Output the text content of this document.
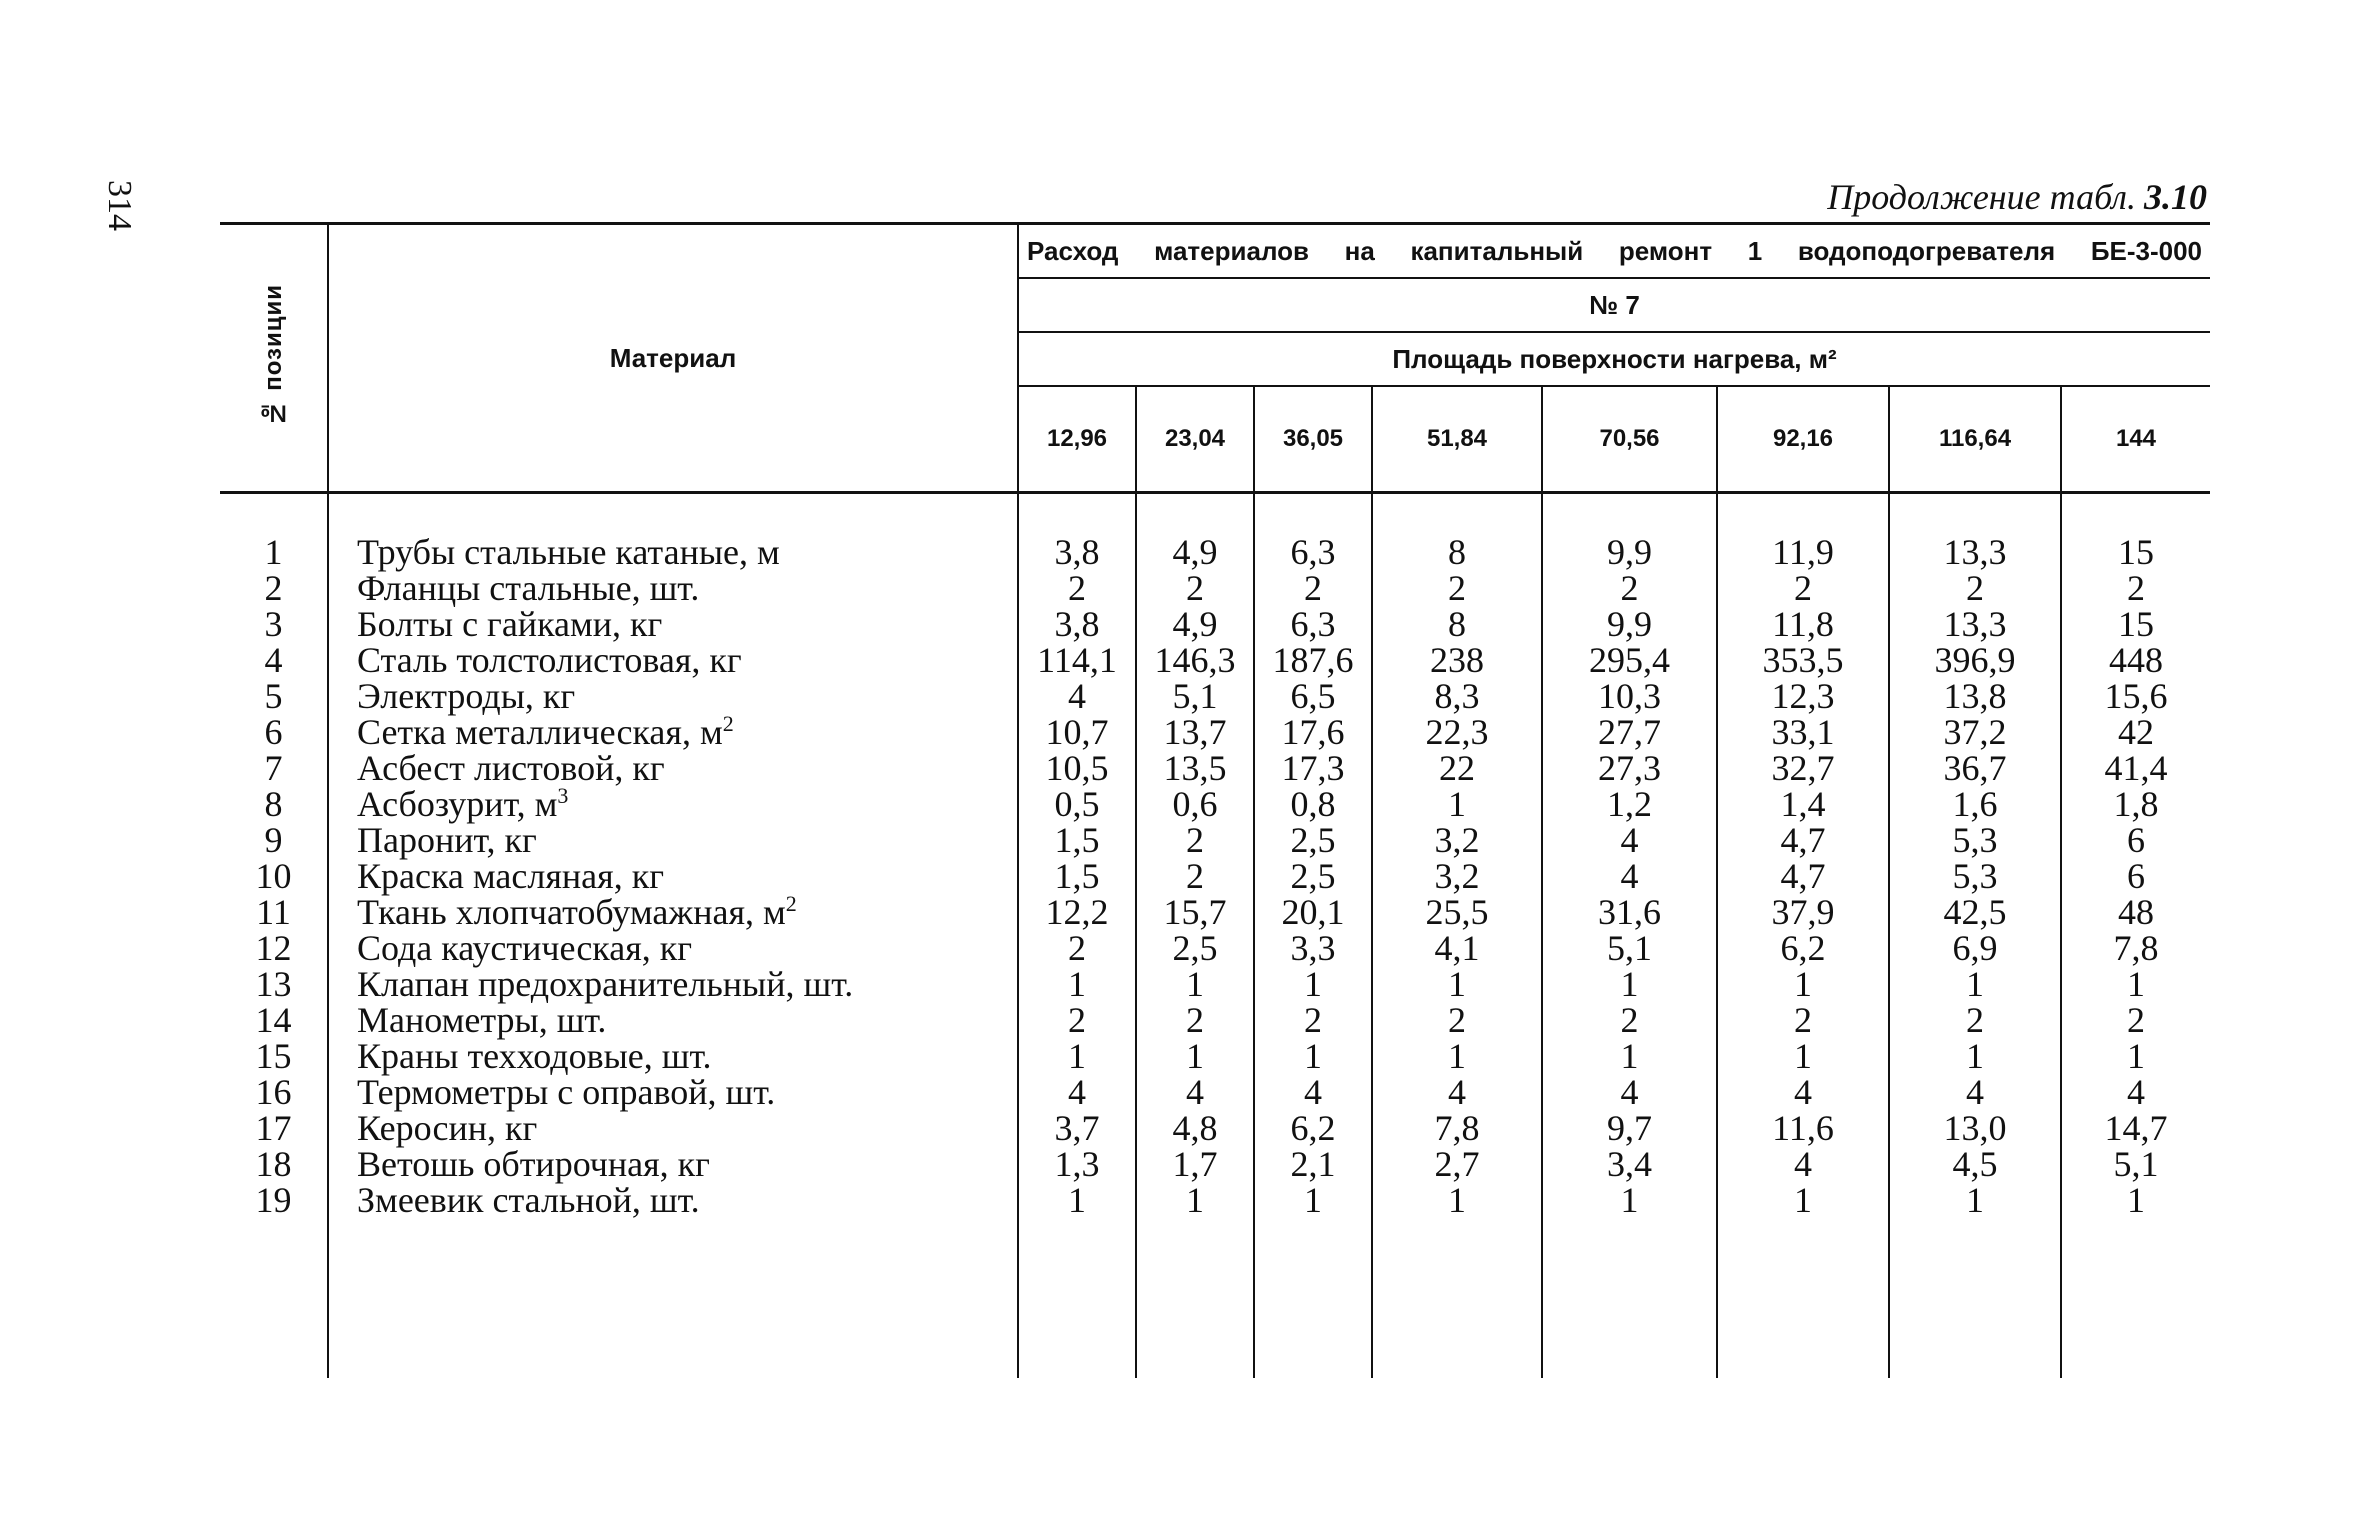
314	Продолжение табл. 3.10
№ позиции	Материал	Расход материалов на капитальный ремонт 1 водоподогревателя БЕ-3-000							
		№ 7							
		Площадь поверхности нагрева, м²							
		12,96	23,04	36,05	51,84	70,56	92,16	116,64	144

1	Трубы стальные катаные, м	3,8	4,9	6,3	8	9,9	11,9	13,3	15
2	Фланцы стальные, шт.	2	2	2	2	2	2	2	2
3	Болты с гайками, кг	3,8	4,9	6,3	8	9,9	11,8	13,3	15
4	Сталь толстолистовая, кг	114,1	146,3	187,6	238	295,4	353,5	396,9	448
5	Электроды, кг	4	5,1	6,5	8,3	10,3	12,3	13,8	15,6
6	Сетка металлическая, $м^2$	10,7	13,7	17,6	22,3	27,7	33,1	37,2	42
7	Асбест листовой, кг	10,5	13,5	17,3	22	27,3	32,7	36,7	41,4
8	Асбозурит, $м^3$	0,5	0,6	0,8	1	1,2	1,4	1,6	1,8
9	Паронит, кг	1,5	2	2,5	3,2	4	4,7	5,3	6
10	Краска масляная, кг	1,5	2	2,5	3,2	4	4,7	5,3	6
11	Ткань хлопчатобумажная, $м^2$	12,2	15,7	20,1	25,5	31,6	37,9	42,5	48
12	Сода каустическая, кг	2	2,5	3,3	4,1	5,1	6,2	6,9	7,8
13	Клапан предохранительный, шт.	1	1	1	1	1	1	1	1
14	Манометры, шт.	2	2	2	2	2	2	2	2
15	Краны техходовые, шт.	1	1	1	1	1	1	1	1
16	Термометры с оправой, шт.	4	4	4	4	4	4	4	4
17	Керосин, кг	3,7	4,8	6,2	7,8	9,7	11,6	13,0	14,7
18	Ветошь обтирочная, кг	1,3	1,7	2,1	2,7	3,4	4	4,5	5,1
19	Змеевик стальной, шт.	1	1	1	1	1	1	1	1
